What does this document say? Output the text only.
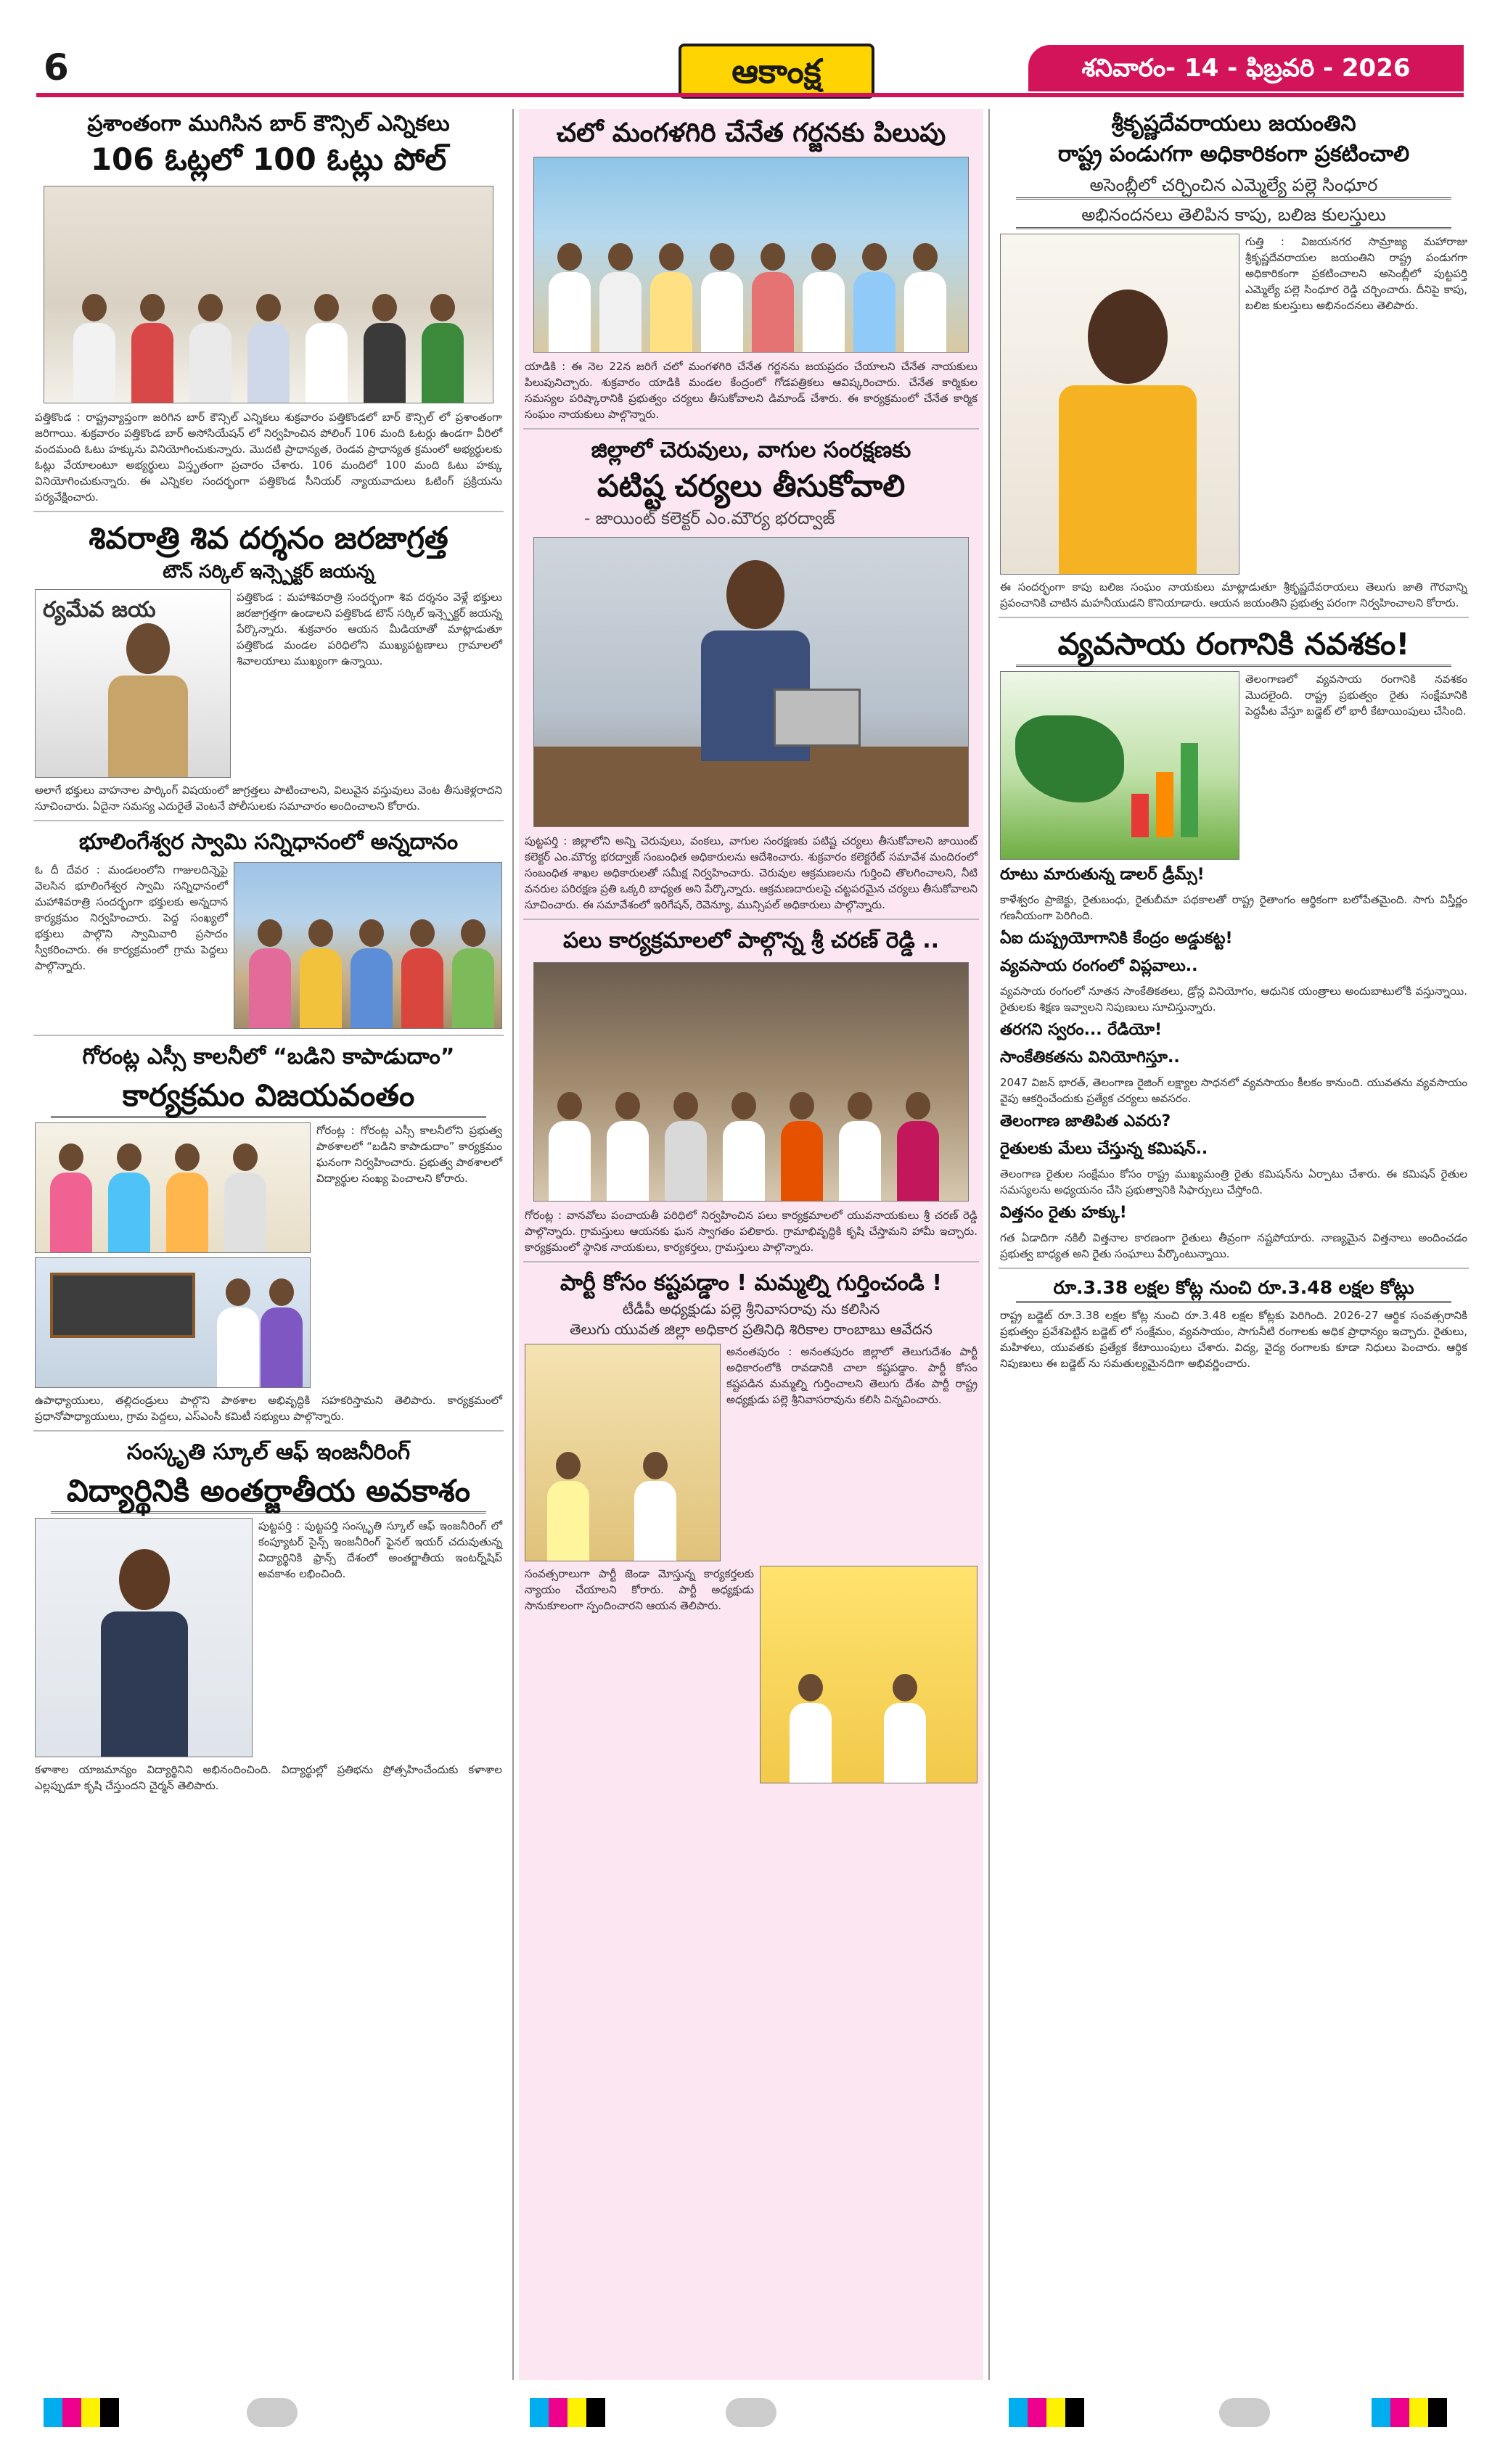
6	ఆకాంక్ష	శనివారం- 14 - ఫిబ్రవరి - 2026
ప్రశాంతంగా ముగిసిన బార్ కౌన్సిల్ ఎన్నికలు
106 ఓట్లలో 100 ఓట్లు పోల్
పత్తికొండ : రాష్ట్రవ్యాప్తంగా జరిగిన బార్ కౌన్సిల్ ఎన్నికలు శుక్రవారం పత్తికొండలో బార్ కౌన్సిల్ లో ప్రశాంతంగా జరిగాయి. శుక్రవారం పత్తికొండ బార్ అసోసియేషన్ లో నిర్వహించిన పోలింగ్ 106 మంది ఓటర్లు ఉండగా వీరిలో వందమంది ఓటు హక్కును వినియోగించుకున్నారు. మొదటి ప్రాధాన్యత, రెండవ ప్రాధాన్యత క్రమంలో అభ్యర్థులకు ఓట్లు వేయాలంటూ అభ్యర్థులు విస్తృతంగా ప్రచారం చేశారు. 106 మందిలో 100 మంది ఓటు హక్కు వినియోగించుకున్నారు. ఈ ఎన్నికల సందర్భంగా పత్తికొండ సీనియర్ న్యాయవాదులు ఓటింగ్ ప్రక్రియను పర్యవేక్షించారు.
శివరాత్రి శివ దర్శనం జరజాగ్రత్త
టౌన్ సర్కిల్ ఇన్స్పెక్టర్ జయన్న
ర్యమేవ జయ	పత్తికొండ : మహాశివరాత్రి సందర్భంగా శివ దర్శనం వెళ్లే భక్తులు జరజాగ్రత్తగా ఉండాలని పత్తికొండ టౌన్ సర్కిల్ ఇన్స్పెక్టర్ జయన్న పేర్కొన్నారు. శుక్రవారం ఆయన మీడియాతో మాట్లాడుతూ పత్తికొండ మండల పరిధిలోని ముఖ్యపట్టణాలు గ్రామాలలో శివాలయాలు ముఖ్యంగా ఉన్నాయి.
అలాగే భక్తులు వాహనాల పార్కింగ్ విషయంలో జాగ్రత్తలు పాటించాలని, విలువైన వస్తువులు వెంట తీసుకెళ్లరాదని సూచించారు. ఏదైనా సమస్య ఎదురైతే వెంటనే పోలీసులకు సమాచారం అందించాలని కోరారు.
భూలింగేశ్వర స్వామి సన్నిధానంలో అన్నదానం
ఓ దీ దేవర : మండలంలోని గాజులదిన్నెపై వెలసిన భూలింగేశ్వర స్వామి సన్నిధానంలో మహాశివరాత్రి సందర్భంగా భక్తులకు అన్నదాన కార్యక్రమం నిర్వహించారు. పెద్ద సంఖ్యలో భక్తులు పాల్గొని స్వామివారి ప్రసాదం స్వీకరించారు. ఈ కార్యక్రమంలో గ్రామ పెద్దలు పాల్గొన్నారు.
గోరంట్ల ఎస్సీ కాలనీలో “బడిని కాపాడుదాం”
కార్యక్రమం విజయవంతం
గోరంట్ల : గోరంట్ల ఎస్సీ కాలనీలోని ప్రభుత్వ పాఠశాలలో “బడిని కాపాడుదాం” కార్యక్రమం ఘనంగా నిర్వహించారు. ప్రభుత్వ పాఠశాలలో విద్యార్థుల సంఖ్య పెంచాలని కోరారు.
ఉపాధ్యాయులు, తల్లిదండ్రులు పాల్గొని పాఠశాల అభివృద్ధికి సహకరిస్తామని తెలిపారు. కార్యక్రమంలో ప్రధానోపాధ్యాయులు, గ్రామ పెద్దలు, ఎస్ఎంసీ కమిటీ సభ్యులు పాల్గొన్నారు.
సంస్కృతి స్కూల్ ఆఫ్ ఇంజనీరింగ్
విద్యార్థినికి అంతర్జాతీయ అవకాశం
పుట్టపర్తి : పుట్టపర్తి సంస్కృతి స్కూల్ ఆఫ్ ఇంజనీరింగ్ లో కంప్యూటర్ సైన్స్ ఇంజనీరింగ్ ఫైనల్ ఇయర్ చదువుతున్న విద్యార్థినికి ఫ్రాన్స్ దేశంలో అంతర్జాతీయ ఇంటర్న్‌షిప్ అవకాశం లభించింది.
కళాశాల యాజమాన్యం విద్యార్థినిని అభినందించింది. విద్యార్థుల్లో ప్రతిభను ప్రోత్సహించేందుకు కళాశాల ఎల్లప్పుడూ కృషి చేస్తుందని చైర్మన్ తెలిపారు.
చలో మంగళగిరి చేనేత గర్జనకు పిలుపు
యాడికి : ఈ నెల 22న జరిగే చలో మంగళగిరి చేనేత గర్జనను జయప్రదం చేయాలని చేనేత నాయకులు పిలుపునిచ్చారు. శుక్రవారం యాడికి మండల కేంద్రంలో గోడపత్రికలు ఆవిష్కరించారు. చేనేత కార్మికుల సమస్యల పరిష్కారానికి ప్రభుత్వం చర్యలు తీసుకోవాలని డిమాండ్ చేశారు. ఈ కార్యక్రమంలో చేనేత కార్మిక సంఘం నాయకులు పాల్గొన్నారు.
జిల్లాలో చెరువులు, వాగుల సంరక్షణకు
పటిష్ట చర్యలు తీసుకోవాలి
- జాయింట్ కలెక్టర్ ఎం.మౌర్య భరద్వాజ్
పుట్టపర్తి : జిల్లాలోని అన్ని చెరువులు, వంకలు, వాగుల సంరక్షణకు పటిష్ట చర్యలు తీసుకోవాలని జాయింట్ కలెక్టర్ ఎం.మౌర్య భరద్వాజ్ సంబంధిత అధికారులను ఆదేశించారు. శుక్రవారం కలెక్టరేట్ సమావేశ మందిరంలో సంబంధిత శాఖల అధికారులతో సమీక్ష నిర్వహించారు. చెరువుల ఆక్రమణలను గుర్తించి తొలగించాలని, నీటి వనరుల పరిరక్షణ ప్రతి ఒక్కరి బాధ్యత అని పేర్కొన్నారు. ఆక్రమణదారులపై చట్టపరమైన చర్యలు తీసుకోవాలని సూచించారు. ఈ సమావేశంలో ఇరిగేషన్, రెవెన్యూ, మున్సిపల్ అధికారులు పాల్గొన్నారు.
పలు కార్యక్రమాలలో పాల్గొన్న శ్రీ చరణ్ రెడ్డి ..
గోరంట్ల : వానవోలు పంచాయతీ పరిధిలో నిర్వహించిన పలు కార్యక్రమాలలో యువనాయకులు శ్రీ చరణ్ రెడ్డి పాల్గొన్నారు. గ్రామస్తులు ఆయనకు ఘన స్వాగతం పలికారు. గ్రామాభివృద్ధికి కృషి చేస్తామని హామీ ఇచ్చారు. కార్యక్రమంలో స్థానిక నాయకులు, కార్యకర్తలు, గ్రామస్తులు పాల్గొన్నారు.
పార్టీ కోసం కష్టపడ్డాం ! మమ్మల్ని గుర్తించండి !
టీడీపీ అధ్యక్షుడు పల్లె శ్రీనివాసరావు ను కలిసిన
తెలుగు యువత జిల్లా అధికార ప్రతినిధి శిరికాల రాంబాబు ఆవేదన
అనంతపురం : అనంతపురం జిల్లాలో తెలుగుదేశం పార్టీ అధికారంలోకి రావడానికి చాలా కష్టపడ్డాం. పార్టీ కోసం కష్టపడిన మమ్మల్ని గుర్తించాలని తెలుగు దేశం పార్టీ రాష్ట్ర అధ్యక్షుడు పల్లె శ్రీనివాసరావును కలిసి విన్నవించారు.
సంవత్సరాలుగా పార్టీ జెండా మోస్తున్న కార్యకర్తలకు న్యాయం చేయాలని కోరారు. పార్టీ అధ్యక్షుడు సానుకూలంగా స్పందించారని ఆయన తెలిపారు.
శ్రీకృష్ణదేవరాయలు జయంతిని
రాష్ట్ర పండుగగా అధికారికంగా ప్రకటించాలి
అసెంబ్లీలో చర్చించిన ఎమ్మెల్యే పల్లె సింధూర
అభినందనలు తెలిపిన కాపు, బలిజ కులస్తులు
గుత్తి : విజయనగర సామ్రాజ్య మహారాజు శ్రీకృష్ణదేవరాయల జయంతిని రాష్ట్ర పండుగగా అధికారికంగా ప్రకటించాలని అసెంబ్లీలో పుట్టపర్తి ఎమ్మెల్యే పల్లె సింధూర రెడ్డి చర్చించారు. దీనిపై కాపు, బలిజ కులస్తులు అభినందనలు తెలిపారు.
ఈ సందర్భంగా కాపు బలిజ సంఘం నాయకులు మాట్లాడుతూ శ్రీకృష్ణదేవరాయలు తెలుగు జాతి గౌరవాన్ని ప్రపంచానికి చాటిన మహనీయుడని కొనియాడారు. ఆయన జయంతిని ప్రభుత్వ పరంగా నిర్వహించాలని కోరారు.
వ్యవసాయ రంగానికి నవశకం!
తెలంగాణలో వ్యవసాయ రంగానికి నవశకం మొదలైంది. రాష్ట్ర ప్రభుత్వం రైతు సంక్షేమానికి పెద్దపీట వేస్తూ బడ్జెట్ లో భారీ కేటాయింపులు చేసింది.
రూటు మారుతున్న డాలర్ డ్రీమ్స్!
కాళేశ్వరం ప్రాజెక్టు, రైతుబంధు, రైతుబీమా పథకాలతో రాష్ట్ర రైతాంగం ఆర్థికంగా బలోపేతమైంది. సాగు విస్తీర్ణం గణనీయంగా పెరిగింది.
ఏఐ దుష్ప్రయోగానికి కేంద్రం అడ్డుకట్ట!
వ్యవసాయ రంగంలో విప్లవాలు..
వ్యవసాయ రంగంలో నూతన సాంకేతికతలు, డ్రోన్ల వినియోగం, ఆధునిక యంత్రాలు అందుబాటులోకి వస్తున్నాయి. రైతులకు శిక్షణ ఇవ్వాలని నిపుణులు సూచిస్తున్నారు.
తరగని స్వరం... రేడియో!
సాంకేతికతను వినియోగిస్తూ..
2047 విజన్ భారత్, తెలంగాణ రైజింగ్ లక్ష్యాల సాధనలో వ్యవసాయం కీలకం కానుంది. యువతను వ్యవసాయం వైపు ఆకర్షించేందుకు ప్రత్యేక చర్యలు అవసరం.
తెలంగాణ జాతిపిత ఎవరు?
రైతులకు మేలు చేస్తున్న కమిషన్..
తెలంగాణ రైతుల సంక్షేమం కోసం రాష్ట్ర ముఖ్యమంత్రి రైతు కమిషన్‌ను ఏర్పాటు చేశారు. ఈ కమిషన్ రైతుల సమస్యలను అధ్యయనం చేసి ప్రభుత్వానికి సిఫార్సులు చేస్తోంది.
విత్తనం రైతు హక్కు!
గత ఏడాదిగా నకిలీ విత్తనాల కారణంగా రైతులు తీవ్రంగా నష్టపోయారు. నాణ్యమైన విత్తనాలు అందించడం ప్రభుత్వ బాధ్యత అని రైతు సంఘాలు పేర్కొంటున్నాయి.
రూ.3.38 లక్షల కోట్ల నుంచి రూ.3.48 లక్షల కోట్లు
రాష్ట్ర బడ్జెట్ రూ.3.38 లక్షల కోట్ల నుంచి రూ.3.48 లక్షల కోట్లకు పెరిగింది. 2026-27 ఆర్థిక సంవత్సరానికి ప్రభుత్వం ప్రవేశపెట్టిన బడ్జెట్ లో సంక్షేమం, వ్యవసాయం, సాగునీటి రంగాలకు అధిక ప్రాధాన్యం ఇచ్చారు. రైతులు, మహిళలు, యువతకు ప్రత్యేక కేటాయింపులు చేశారు. విద్య, వైద్య రంగాలకు కూడా నిధులు పెంచారు. ఆర్థిక నిపుణులు ఈ బడ్జెట్ ను సమతుల్యమైనదిగా అభివర్ణించారు.
